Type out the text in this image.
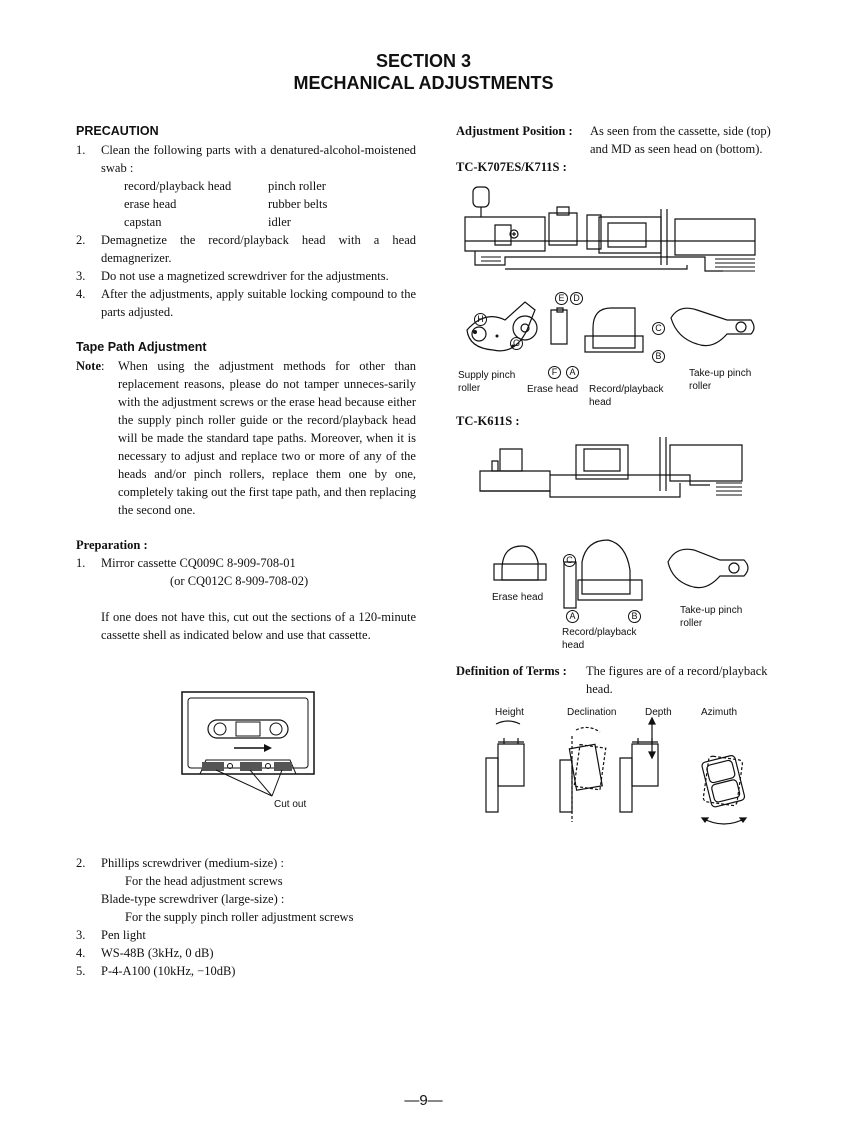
SECTION 3
MECHANICAL ADJUSTMENTS
PRECAUTION
1. Clean the following parts with a denatured-alcohol-moistened swab :
record/playback head	pinch roller
erase head	rubber belts
capstan	idler
2. Demagnetize the record/playback head with a head demagnerizer.
3. Do not use a magnetized screwdriver for the adjustments.
4. After the adjustments, apply suitable locking compound to the parts adjusted.
Tape Path Adjustment
Note: When using the adjustment methods for other than replacement reasons, please do not tamper unneces-sarily with the adjustment screws or the erase head because either the supply pinch roller guide or the record/playback head will be made the standard tape paths. Moreover, when it is necessary to adjust and replace two or more of any of the heads and/or pinch rollers, replace them one by one, completely taking out the first tape path, and then replacing the second one.
Preparation :
1. Mirror cassette CQ009C 8-909-708-01
(or CQ012C 8-909-708-02)
If one does not have this, cut out the sections of a 120-minute cassette shell as indicated below and use that cassette.
Cut out
2. Phillips screwdriver (medium-size) :
For the head adjustment screws
Blade-type screwdriver (large-size) :
For the supply pinch roller adjustment screws
3. Pen light
4. WS-48B (3kHz, 0 dB)
5. P-4-A100 (10kHz, −10dB)
Adjustment Position : As seen from the cassette, side (top)
and MD as seen head on (bottom).
TC-K707ES/K711S :
E D
H
C
G
B
F	A
Supply pinch
roller	Erase head Record/playback
head
Take-up pinch
roller
TC-K611S :
C
A	B
Erase head
Record/playback
head
Take-up pinch
roller
Definition of Terms : The figures are of a record/playback
head.
Height	Declination	Depth	Azimuth
—9—
